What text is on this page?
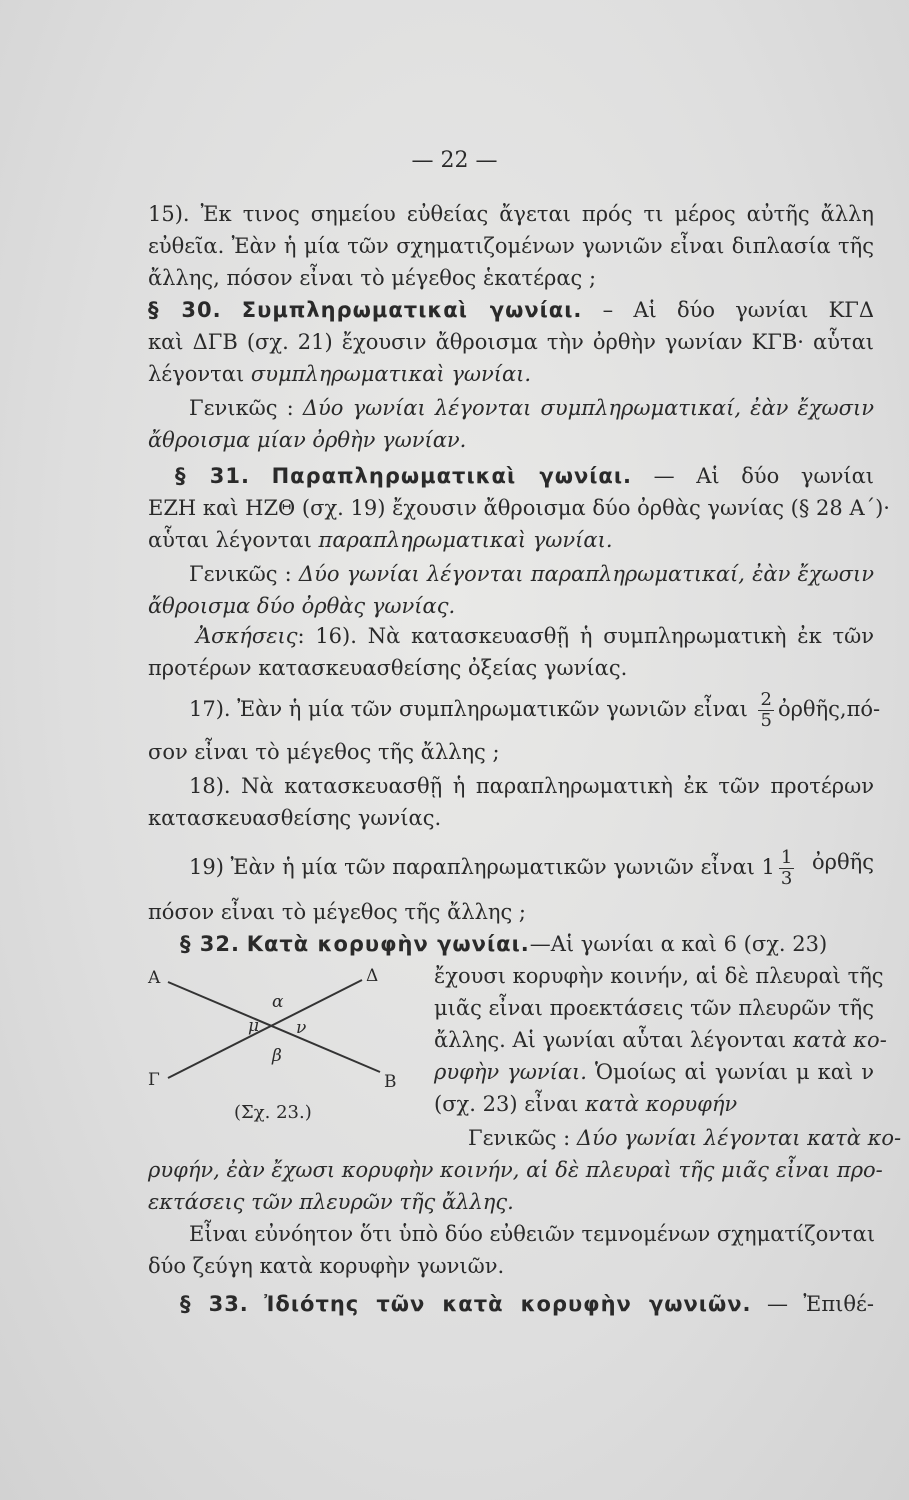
— 22 —
15). Ἐκ τινος σημείου εὐθείας ἄγεται πρός τι μέρος αὐτῆς ἄλλη
εὐθεῖα. Ἐὰν ἡ μία τῶν σχηματιζομένων γωνιῶν εἶναι διπλασία τῆς
ἄλλης, πόσον εἶναι τὸ μέγεθος ἑκατέρας ;
§ 30. Συμπληρωματικαὶ γωνίαι. – Αἱ δύο γωνίαι ΚΓΔ
καὶ ΔΓΒ (σχ. 21) ἔχουσιν ἄθροισμα τὴν ὀρθὴν γωνίαν ΚΓΒ· αὗται
λέγονται συμπληρωματικαὶ γωνίαι.
Γενικῶς : Δύο γωνίαι λέγονται συμπληρωματικαί, ἐὰν ἔχωσιν
ἄθροισμα μίαν ὀρθὴν γωνίαν.
§ 31. Παραπληρωματικαὶ γωνίαι. — Αἱ δύο γωνίαι
ΕΖΗ καὶ ΗΖΘ (σχ. 19) ἔχουσιν ἄθροισμα δύο ὀρθὰς γωνίας (§ 28 Α΄)·
αὗται λέγονται παραπληρωματικαὶ γωνίαι.
Γενικῶς : Δύο γωνίαι λέγονται παραπληρωματικαί, ἐὰν ἔχωσιν
ἄθροισμα δύο ὀρθὰς γωνίας.
Ἀσκήσεις: 16). Νὰ κατασκευασθῇ ἡ συμπληρωματικὴ ἐκ τῶν
προτέρων κατασκευασθείσης ὀξείας γωνίας.
17). Ἐὰν ἡ μία τῶν συμπληρωματικῶν γωνιῶν εἶναι $\frac{2}{5}$ ὀρθῆς,πό-
σον εἶναι τὸ μέγεθος τῆς ἄλλης ;
18). Νὰ κατασκευασθῇ ἡ παραπληρωματικὴ ἐκ τῶν προτέρων
κατασκευασθείσης γωνίας.
19) Ἐὰν ἡ μία τῶν παραπληρωματικῶν γωνιῶν εἶναι $1 \frac{1}{3}$ ὀρθῆς
πόσον εἶναι τὸ μέγεθος τῆς ἄλλης ;
§ 32. Κατὰ κορυφὴν γωνίαι.—Αἱ γωνίαι α καὶ 6 (σχ. 23)
Α	Δ
Γ	Β
α
β
μ ν
(Σχ. 23.)
ἔχουσι κορυφὴν κοινήν, αἱ δὲ πλευραὶ τῆς
μιᾶς εἶναι προεκτάσεις τῶν πλευρῶν τῆς
ἄλλης. Αἱ γωνίαι αὗται λέγονται κατὰ κο-
ρυφὴν γωνίαι. Ὁμοίως αἱ γωνίαι μ καὶ ν
(σχ. 23) εἶναι κατὰ κορυφήν
Γενικῶς : Δύο γωνίαι λέγονται κατὰ κο-
ρυφήν, ἐὰν ἔχωσι κορυφὴν κοινήν, αἱ δὲ πλευραὶ τῆς μιᾶς εἶναι προ-
εκτάσεις τῶν πλευρῶν τῆς ἄλλης.
Εἶναι εὐνόητον ὅτι ὑπὸ δύο εὐθειῶν τεμνομένων σχηματίζονται
δύο ζεύγη κατὰ κορυφὴν γωνιῶν.
§ 33. Ἰδιότης τῶν κατὰ κορυφὴν γωνιῶν. — Ἐπιθέ-
